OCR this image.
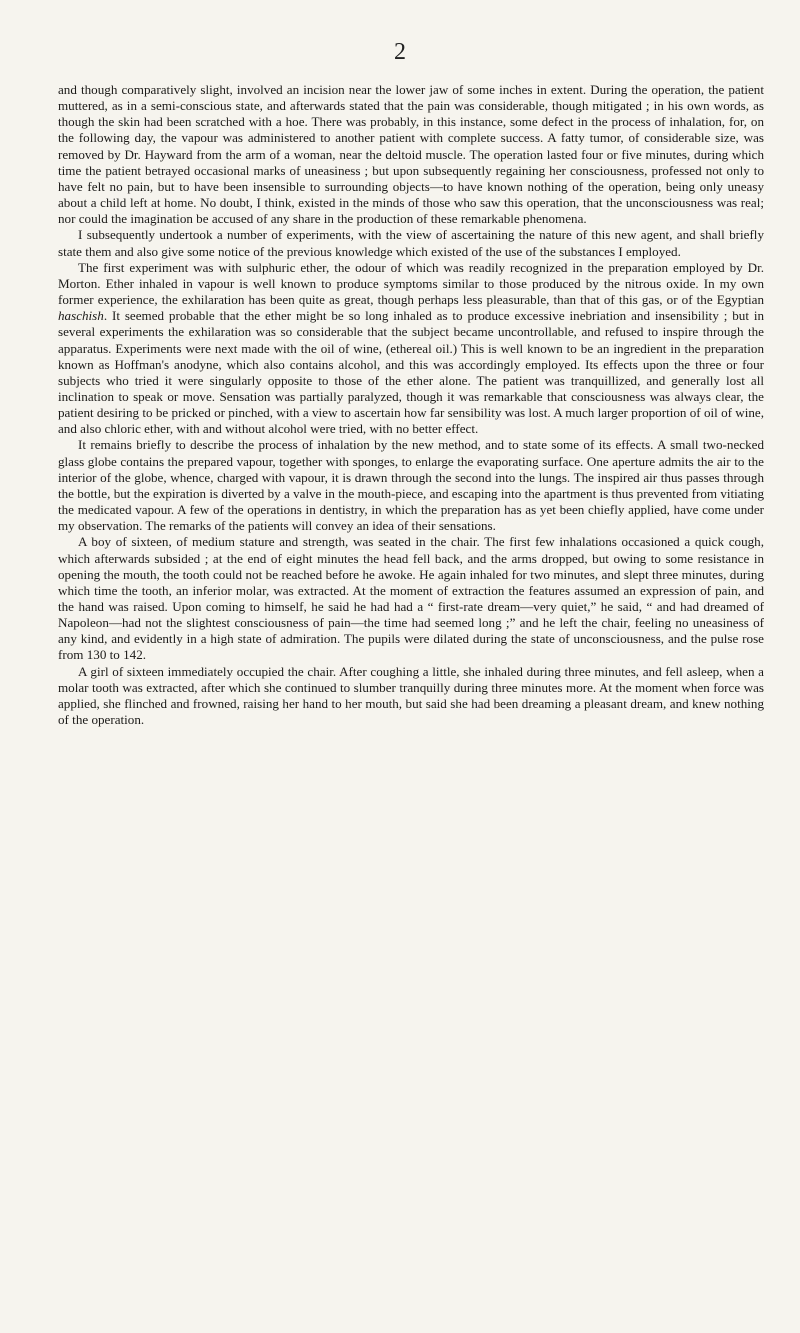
2

and though comparatively slight, involved an incision near the lower jaw of some inches in extent. During the operation, the patient muttered, as in a semi-conscious state, and afterwards stated that the pain was considerable, though mitigated ; in his own words, as though the skin had been scratched with a hoe. There was probably, in this instance, some defect in the process of inhalation, for, on the following day, the vapour was administered to another patient with complete success. A fatty tumor, of considerable size, was removed by Dr. Hayward from the arm of a woman, near the deltoid muscle. The operation lasted four or five minutes, during which time the patient betrayed occasional marks of uneasiness ; but upon subsequently regaining her consciousness, professed not only to have felt no pain, but to have been insensible to surrounding objects—to have known nothing of the operation, being only uneasy about a child left at home. No doubt, I think, existed in the minds of those who saw this operation, that the unconsciousness was real; nor could the imagination be accused of any share in the production of these remarkable phenomena.

I subsequently undertook a number of experiments, with the view of ascertaining the nature of this new agent, and shall briefly state them and also give some notice of the previous knowledge which existed of the use of the substances I employed.

The first experiment was with sulphuric ether, the odour of which was readily recognized in the preparation employed by Dr. Morton. Ether inhaled in vapour is well known to produce symptoms similar to those produced by the nitrous oxide. In my own former experience, the exhilaration has been quite as great, though perhaps less pleasurable, than that of this gas, or of the Egyptian haschish. It seemed probable that the ether might be so long inhaled as to produce excessive inebriation and insensibility ; but in several experiments the exhilaration was so considerable that the subject became uncontrollable, and refused to inspire through the apparatus. Experiments were next made with the oil of wine, (ethereal oil.) This is well known to be an ingredient in the preparation known as Hoffman's anodyne, which also contains alcohol, and this was accordingly employed. Its effects upon the three or four subjects who tried it were singularly opposite to those of the ether alone. The patient was tranquillized, and generally lost all inclination to speak or move. Sensation was partially paralyzed, though it was remarkable that consciousness was always clear, the patient desiring to be pricked or pinched, with a view to ascertain how far sensibility was lost. A much larger proportion of oil of wine, and also chloric ether, with and without alcohol were tried, with no better effect.

It remains briefly to describe the process of inhalation by the new method, and to state some of its effects. A small two-necked glass globe contains the prepared vapour, together with sponges, to enlarge the evaporating surface. One aperture admits the air to the interior of the globe, whence, charged with vapour, it is drawn through the second into the lungs. The inspired air thus passes through the bottle, but the expiration is diverted by a valve in the mouth-piece, and escaping into the apartment is thus prevented from vitiating the medicated vapour. A few of the operations in dentistry, in which the preparation has as yet been chiefly applied, have come under my observation. The remarks of the patients will convey an idea of their sensations.

A boy of sixteen, of medium stature and strength, was seated in the chair. The first few inhalations occasioned a quick cough, which afterwards subsided ; at the end of eight minutes the head fell back, and the arms dropped, but owing to some resistance in opening the mouth, the tooth could not be reached before he awoke. He again inhaled for two minutes, and slept three minutes, during which time the tooth, an inferior molar, was extracted. At the moment of extraction the features assumed an expression of pain, and the hand was raised. Upon coming to himself, he said he had had a “ first-rate dream—very quiet,” he said, “ and had dreamed of Napoleon—had not the slightest consciousness of pain—the time had seemed long ;” and he left the chair, feeling no uneasiness of any kind, and evidently in a high state of admiration. The pupils were dilated during the state of unconsciousness, and the pulse rose from 130 to 142.

A girl of sixteen immediately occupied the chair. After coughing a little, she inhaled during three minutes, and fell asleep, when a molar tooth was extracted, after which she continued to slumber tranquilly during three minutes more. At the moment when force was applied, she flinched and frowned, raising her hand to her mouth, but said she had been dreaming a pleasant dream, and knew nothing of the operation.
